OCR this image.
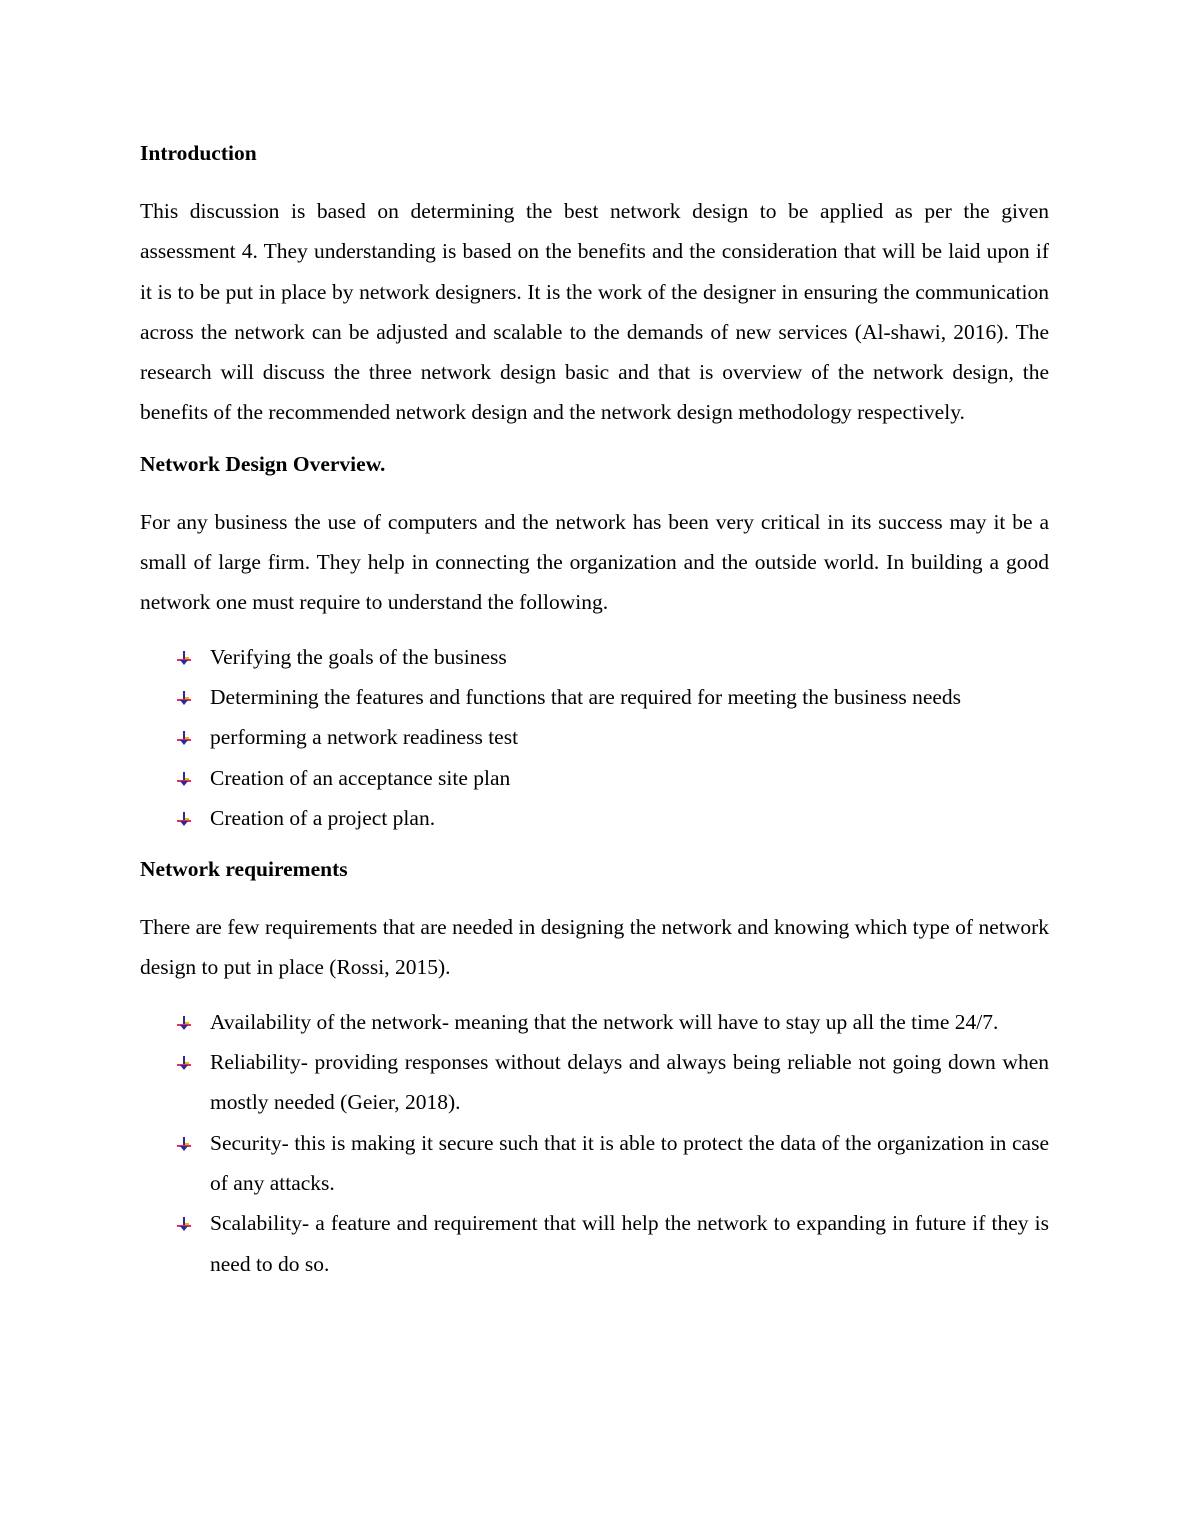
Introduction
This discussion is based on determining the best network design to be applied as per the given assessment 4. They understanding is based on the benefits and the consideration that will be laid upon if it is to be put in place by network designers. It is the work of the designer in ensuring the communication across the network can be adjusted and scalable to the demands of new services (Al-shawi, 2016). The research will discuss the three network design basic and that is overview of the network design, the benefits of the recommended network design and the network design methodology respectively.
Network Design Overview.
For any business the use of computers and the network has been very critical in its success may it be a small of large firm. They help in connecting the organization and the outside world. In building a good network one must require to understand the following.
Verifying the goals of the business
Determining the features and functions that are required for meeting the business needs
performing a network readiness test
Creation of an acceptance site plan
Creation of a project plan.
Network requirements
There are few requirements that are needed in designing the network and knowing which type of network design to put in place (Rossi, 2015).
Availability of the network- meaning that the network will have to stay up all the time 24/7.
Reliability- providing responses without delays and always being reliable not going down when mostly needed (Geier, 2018).
Security- this is making it secure such that it is able to protect the data of the organization in case of any attacks.
Scalability- a feature and requirement that will help the network to expanding in future if they is need to do so.
